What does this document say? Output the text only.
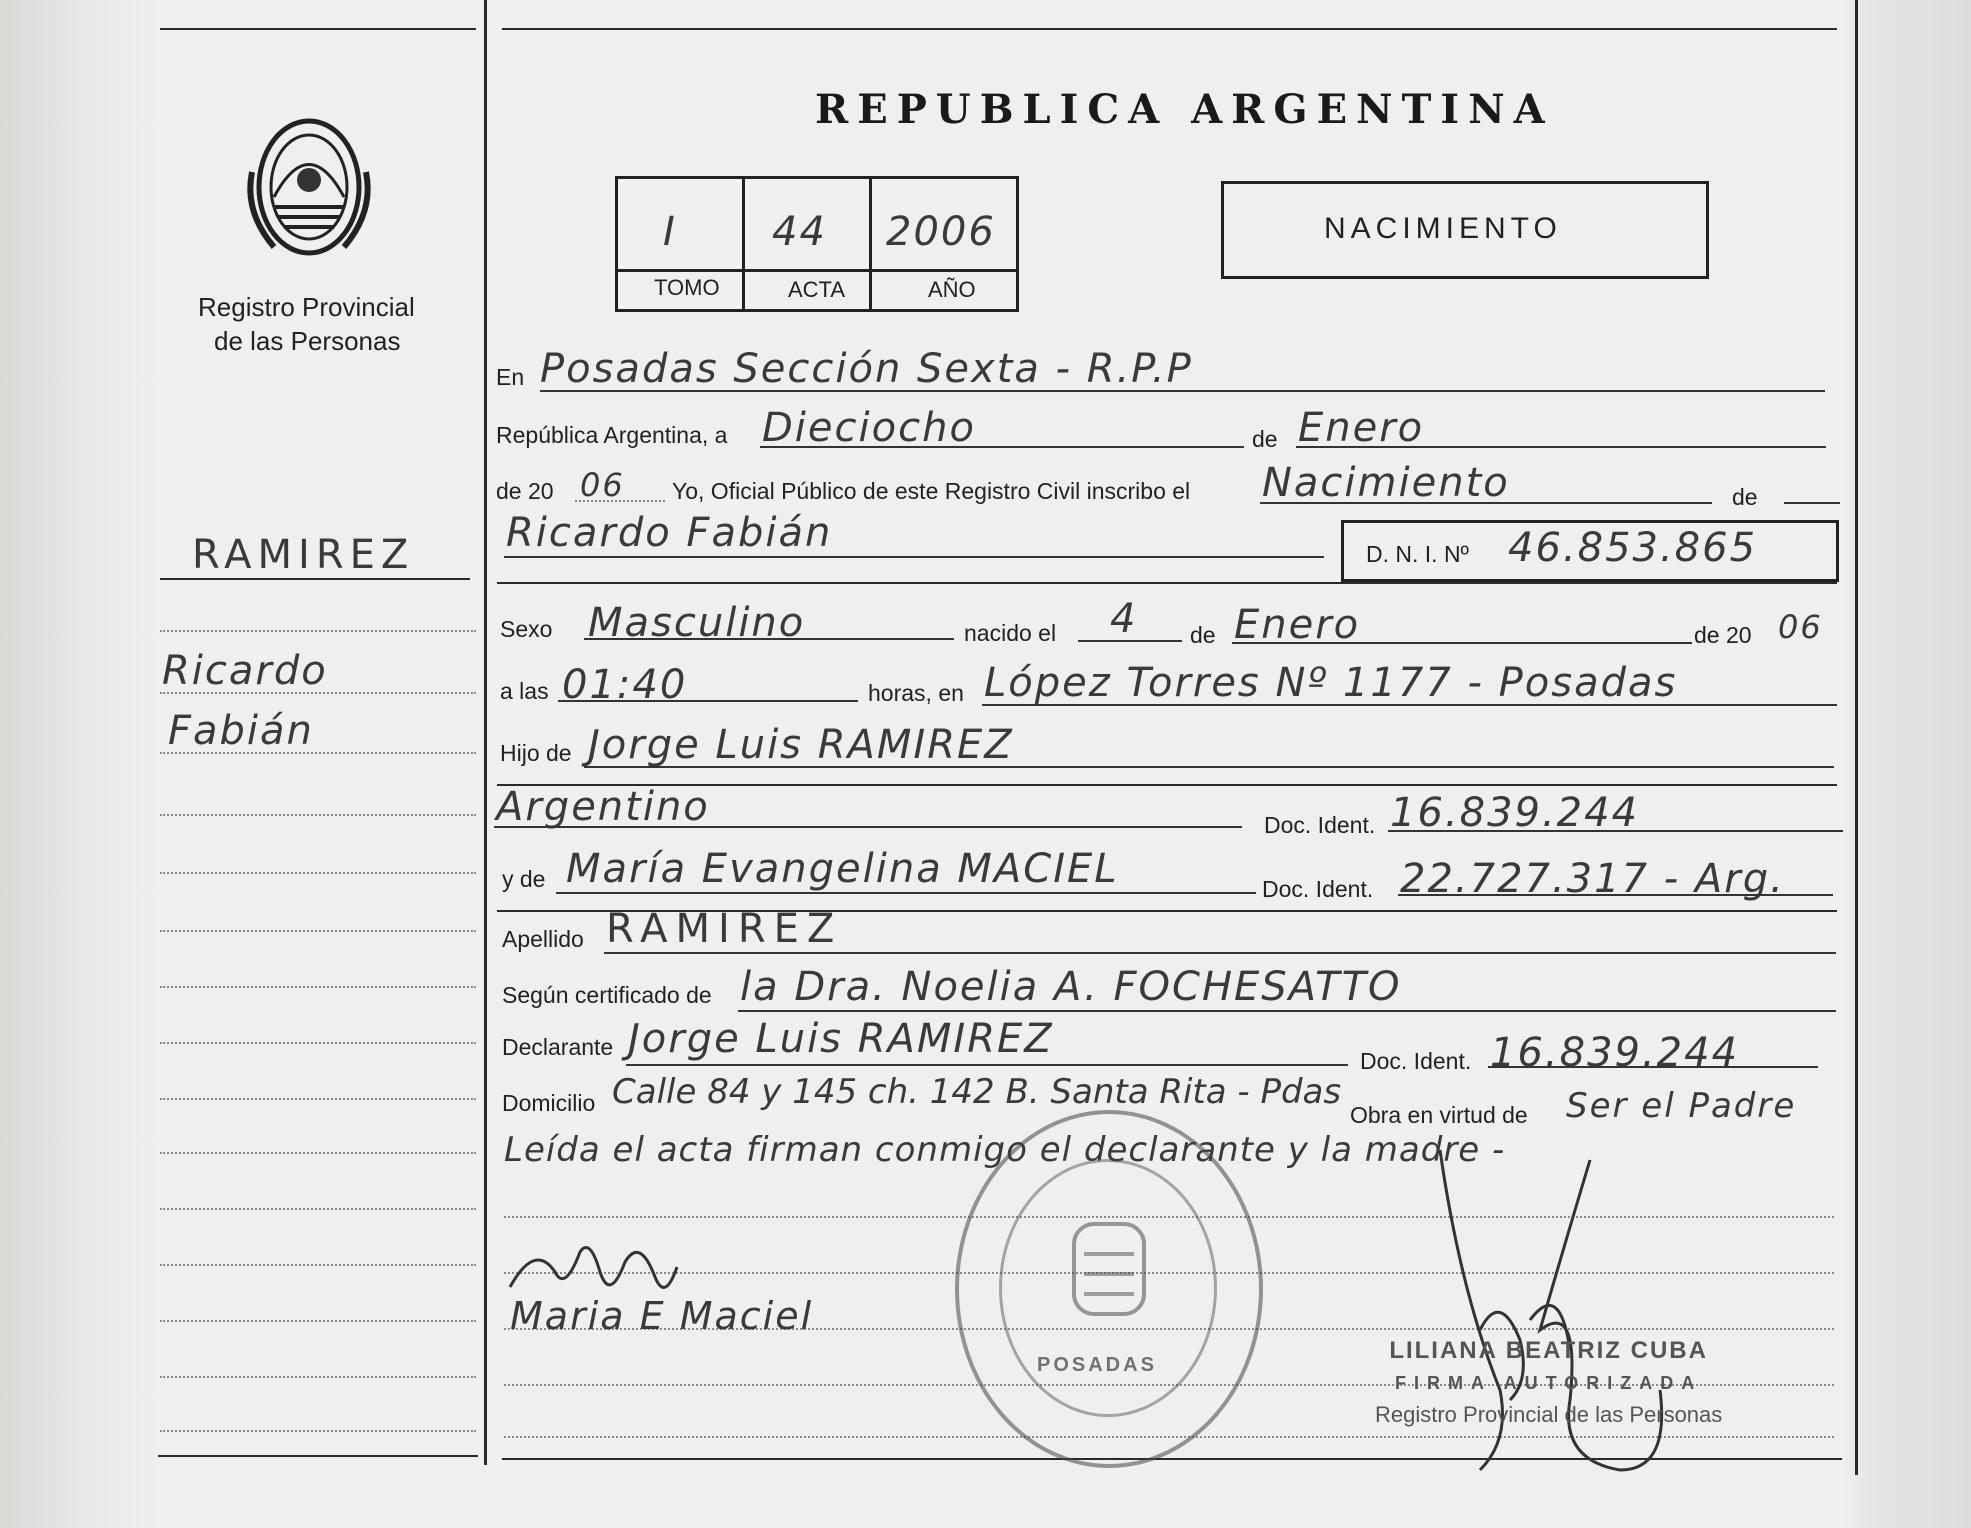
Registro Provincial
de las Personas
RAMIREZ
Ricardo
Fabián
REPUBLICA ARGENTINA
I 44 2006
TOMO	ACTA	AÑO
NACIMIENTO
En Posadas Sección Sexta - R.P.P
República Argentina, a Dieciocho	de Enero
de 20 06 Yo, Oficial Público de este Registro Civil inscribo el Nacimiento	de
Ricardo Fabián	D. N. I. Nº 46.853.865
Sexo Masculino	nacido el 4 de Enero	de 20 06
a las 01:40	horas, en López Torres Nº 1177 - Posadas
Hijo de Jorge Luis RAMIREZ
Argentino	Doc. Ident. 16.839.244
y de María Evangelina MACIEL	Doc. Ident. 22.727.317 - Arg.
Apellido RAMIREZ
Según certificado de la Dra. Noelia A. FOCHESATTO
Declarante Jorge Luis RAMIREZ	Doc. Ident. 16.839.244
Domicilio Calle 84 y 145 ch. 142 B. Santa Rita - Pdas
Obra en virtud de Ser el Padre
Leída el acta firman conmigo el declarante y la madre -
Maria E Maciel
POSADAS
LILIANA BEATRIZ CUBA
FIRMA AUTORIZADA
Registro Provincial de las Personas
